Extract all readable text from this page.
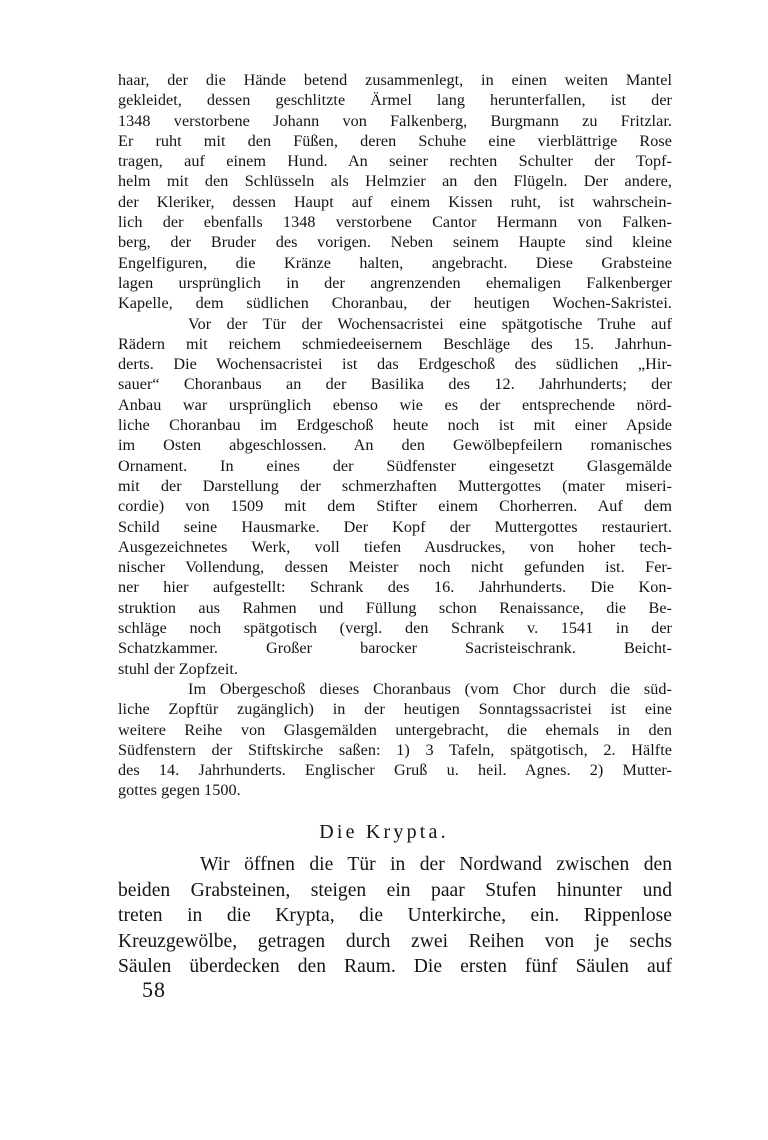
haar, der die Hände betend zusammenlegt, in einen weiten Mantel
gekleidet, dessen geschlitzte Ärmel lang herunterfallen, ist der
1348 verstorbene Johann von Falkenberg, Burgmann zu Fritzlar.
Er ruht mit den Füßen, deren Schuhe eine vierblättrige Rose
tragen, auf einem Hund. An seiner rechten Schulter der Topf-
helm mit den Schlüsseln als Helmzier an den Flügeln. Der andere,
der Kleriker, dessen Haupt auf einem Kissen ruht, ist wahrschein-
lich der ebenfalls 1348 verstorbene Cantor Hermann von Falken-
berg, der Bruder des vorigen. Neben seinem Haupte sind kleine
Engelfiguren, die Kränze halten, angebracht. Diese Grabsteine
lagen ursprünglich in der angrenzenden ehemaligen Falkenberger
Kapelle, dem südlichen Choranbau, der heutigen Wochen-Sakristei.
Vor der Tür der Wochensacristei eine spätgotische Truhe auf
Rädern mit reichem schmiedeeisernem Beschläge des 15. Jahrhun-
derts. Die Wochensacristei ist das Erdgeschoß des südlichen „Hir-
sauer“ Choranbaus an der Basilika des 12. Jahrhunderts; der
Anbau war ursprünglich ebenso wie es der entsprechende nörd-
liche Choranbau im Erdgeschoß heute noch ist mit einer Apside
im Osten abgeschlossen. An den Gewölbepfeilern romanisches
Ornament. In eines der Südfenster eingesetzt Glasgemälde
mit der Darstellung der schmerzhaften Muttergottes (mater miseri-
cordie) von 1509 mit dem Stifter einem Chorherren. Auf dem
Schild seine Hausmarke. Der Kopf der Muttergottes restauriert.
Ausgezeichnetes Werk, voll tiefen Ausdruckes, von hoher tech-
nischer Vollendung, dessen Meister noch nicht gefunden ist. Fer-
ner hier aufgestellt: Schrank des 16. Jahrhunderts. Die Kon-
struktion aus Rahmen und Füllung schon Renaissance, die Be-
schläge noch spätgotisch (vergl. den Schrank v. 1541 in der
Schatzkammer. Großer barocker Sacristeischrank. Beicht-
stuhl der Zopfzeit.
Im Obergeschoß dieses Choranbaus (vom Chor durch die süd-
liche Zopftür zugänglich) in der heutigen Sonntagssacristei ist eine
weitere Reihe von Glasgemälden untergebracht, die ehemals in den
Südfenstern der Stiftskirche saßen: 1) 3 Tafeln, spätgotisch, 2. Hälfte
des 14. Jahrhunderts. Englischer Gruß u. heil. Agnes. 2) Mutter-
gottes gegen 1500.
Die Krypta.
Wir öffnen die Tür in der Nordwand zwischen den
beiden Grabsteinen, steigen ein paar Stufen hinunter und
treten in die Krypta, die Unterkirche, ein. Rippenlose
Kreuzgewölbe, getragen durch zwei Reihen von je sechs
Säulen überdecken den Raum. Die ersten fünf Säulen auf
58
